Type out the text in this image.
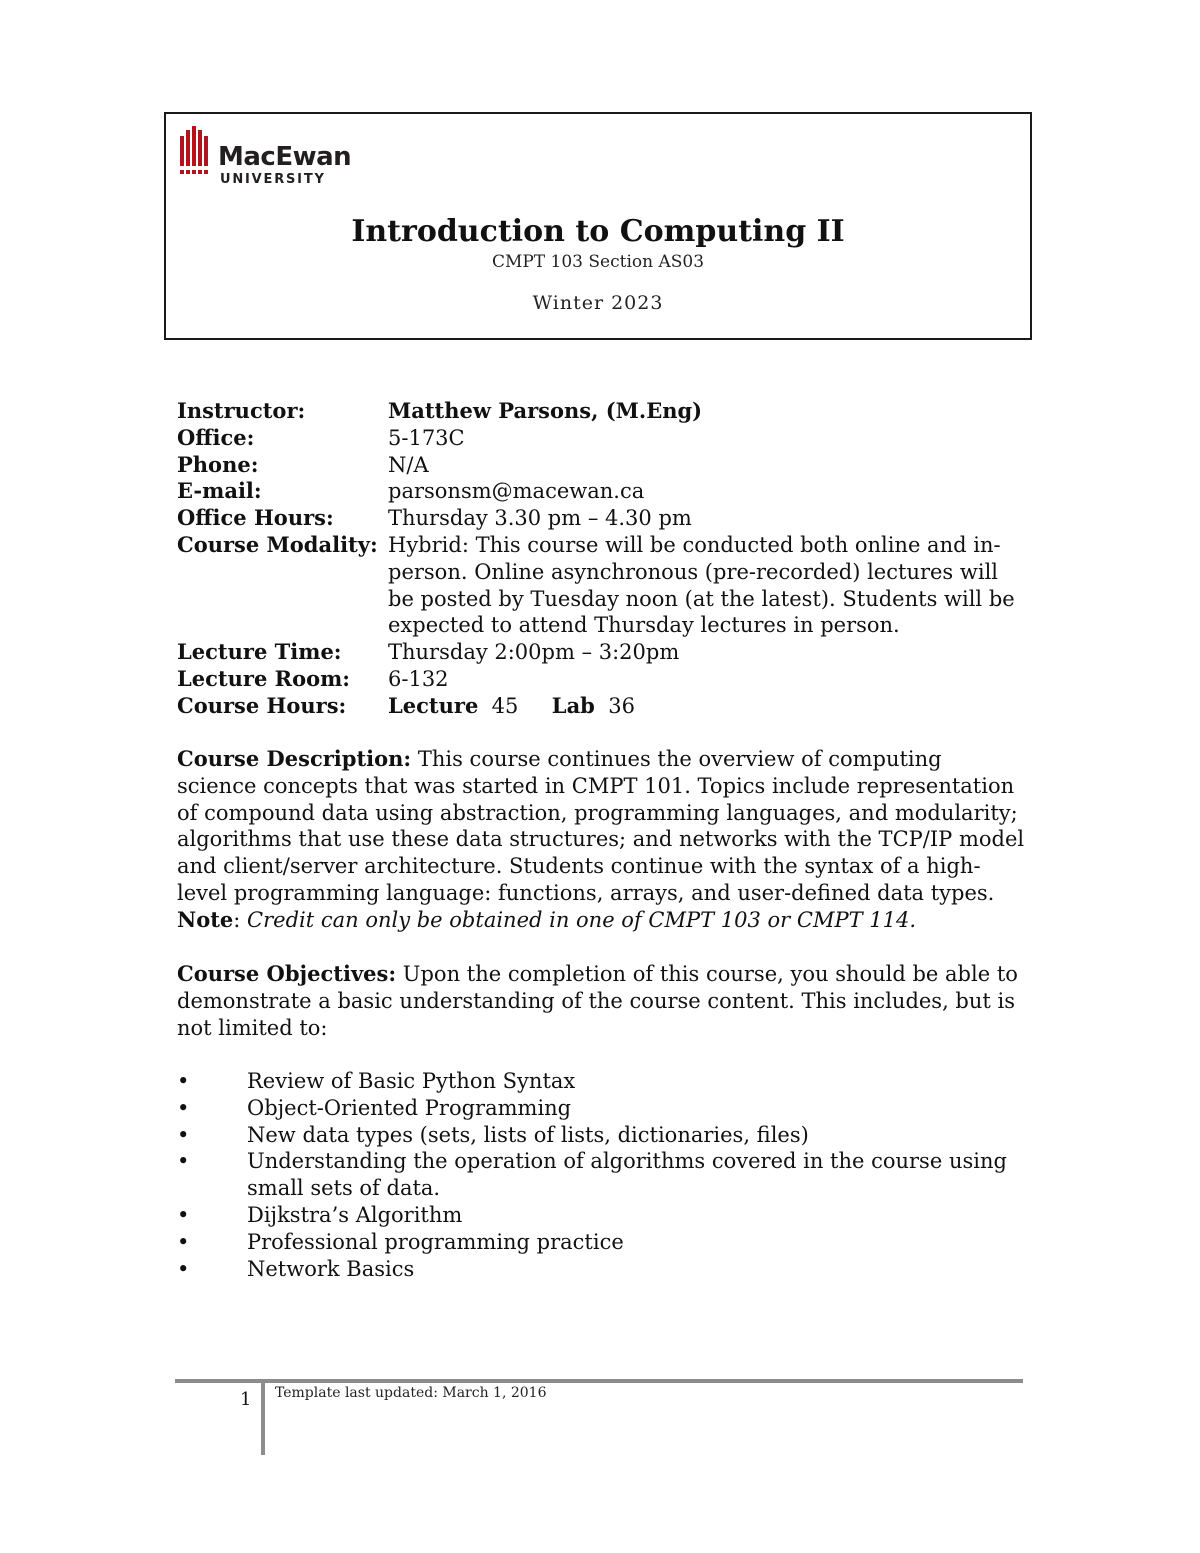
MacEwan
UNIVERSITY
Introduction to Computing II
CMPT 103 Section AS03
Winter 2023
Instructor:	Matthew Parsons, (M.Eng)
Office:	5-173C
Phone:	N/A
E-mail:	parsonsm@macewan.ca
Office Hours:	Thursday 3.30 pm – 4.30 pm
Course Modality: Hybrid: This course will be conducted both online and in-person. Online asynchronous (pre-recorded) lectures will be posted by Tuesday noon (at the latest). Students will be expected to attend Thursday lectures in person.
Lecture Time:	Thursday 2:00pm – 3:20pm
Lecture Room:	6-132
Course Hours:	Lecture 45 Lab 36
Course Description: This course continues the overview of computing science concepts that was started in CMPT 101. Topics include representation of compound data using abstraction, programming languages, and modularity; algorithms that use these data structures; and networks with the TCP/IP model and client/server architecture. Students continue with the syntax of a high-level programming language: functions, arrays, and user-defined data types. Note: Credit can only be obtained in one of CMPT 103 or CMPT 114.
Course Objectives: Upon the completion of this course, you should be able to demonstrate a basic understanding of the course content. This includes, but is not limited to:
•	Review of Basic Python Syntax
•	Object-Oriented Programming
•	New data types (sets, lists of lists, dictionaries, files)
•	Understanding the operation of algorithms covered in the course using small sets of data.
•	Dijkstra’s Algorithm
•	Professional programming practice
•	Network Basics
1 Template last updated: March 1, 2016
